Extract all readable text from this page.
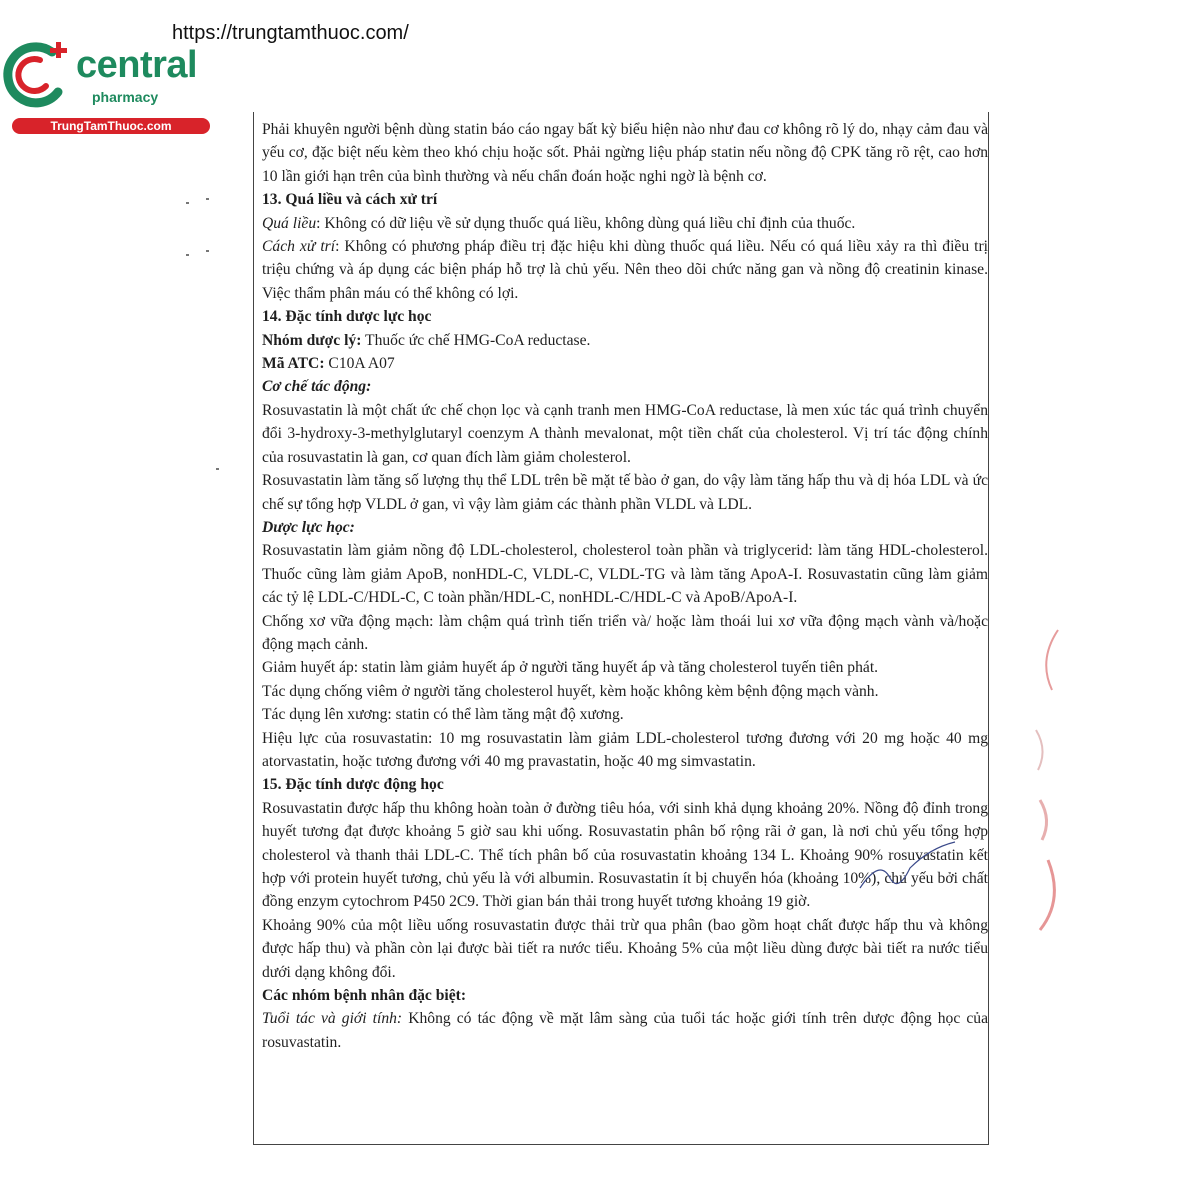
https://trungtamthuoc.com/
central
pharmacy
TrungTamThuoc.com	Phải khuyên người bệnh dùng statin báo cáo ngay bất kỳ biểu hiện nào như đau cơ không rõ lý do, nhạy cảm đau và yếu cơ, đặc biệt nếu kèm theo khó chịu hoặc sốt. Phải ngừng liệu pháp statin nếu nồng độ CPK tăng rõ rệt, cao hơn 10 lần giới hạn trên của bình thường và nếu chẩn đoán hoặc nghi ngờ là bệnh cơ.

13. Quá liều và cách xử trí

Quá liều: Không có dữ liệu về sử dụng thuốc quá liều, không dùng quá liều chỉ định của thuốc.

Cách xử trí: Không có phương pháp điều trị đặc hiệu khi dùng thuốc quá liều. Nếu có quá liều xảy ra thì điều trị triệu chứng và áp dụng các biện pháp hỗ trợ là chủ yếu. Nên theo dõi chức năng gan và nồng độ creatinin kinase. Việc thẩm phân máu có thể không có lợi.

14. Đặc tính dược lực học

Nhóm dược lý: Thuốc ức chế HMG-CoA reductase.

Mã ATC: C10A A07

Cơ chế tác động:

Rosuvastatin là một chất ức chế chọn lọc và cạnh tranh men HMG-CoA reductase, là men xúc tác quá trình chuyển đổi 3-hydroxy-3-methylglutaryl coenzym A thành mevalonat, một tiền chất của cholesterol. Vị trí tác động chính của rosuvastatin là gan, cơ quan đích làm giảm cholesterol.

Rosuvastatin làm tăng số lượng thụ thể LDL trên bề mặt tế bào ở gan, do vậy làm tăng hấp thu và dị hóa LDL và ức chế sự tổng hợp VLDL ở gan, vì vậy làm giảm các thành phần VLDL và LDL.

Dược lực học:

Rosuvastatin làm giảm nồng độ LDL-cholesterol, cholesterol toàn phần và triglycerid: làm tăng HDL-cholesterol. Thuốc cũng làm giảm ApoB, nonHDL-C, VLDL-C, VLDL-TG và làm tăng ApoA-I. Rosuvastatin cũng làm giảm các tỷ lệ LDL-C/HDL-C, C toàn phần/HDL-C, nonHDL-C/HDL-C và ApoB/ApoA-I.

Chống xơ vữa động mạch: làm chậm quá trình tiến triển và/ hoặc làm thoái lui xơ vữa động mạch vành và/hoặc động mạch cảnh.

Giảm huyết áp: statin làm giảm huyết áp ở người tăng huyết áp và tăng cholesterol tuyến tiên phát.

Tác dụng chống viêm ở người tăng cholesterol huyết, kèm hoặc không kèm bệnh động mạch vành.

Tác dụng lên xương: statin có thể làm tăng mật độ xương.

Hiệu lực của rosuvastatin: 10 mg rosuvastatin làm giảm LDL-cholesterol tương đương với 20 mg hoặc 40 mg atorvastatin, hoặc tương đương với 40 mg pravastatin, hoặc 40 mg simvastatin.

15. Đặc tính dược động học

Rosuvastatin được hấp thu không hoàn toàn ở đường tiêu hóa, với sinh khả dụng khoảng 20%. Nồng độ đỉnh trong huyết tương đạt được khoảng 5 giờ sau khi uống. Rosuvastatin phân bố rộng rãi ở gan, là nơi chủ yếu tổng hợp cholesterol và thanh thải LDL-C. Thể tích phân bố của rosuvastatin khoảng 134 L. Khoảng 90% rosuvastatin kết hợp với protein huyết tương, chủ yếu là với albumin. Rosuvastatin ít bị chuyển hóa (khoảng 10%), chủ yếu bởi chất đồng enzym cytochrom P450 2C9. Thời gian bán thải trong huyết tương khoảng 19 giờ.

Khoảng 90% của một liều uống rosuvastatin được thải trừ qua phân (bao gồm hoạt chất được hấp thu và không được hấp thu) và phần còn lại được bài tiết ra nước tiểu. Khoảng 5% của một liều dùng được bài tiết ra nước tiểu dưới dạng không đổi.

Các nhóm bệnh nhân đặc biệt:

Tuổi tác và giới tính: Không có tác động về mặt lâm sàng của tuổi tác hoặc giới tính trên dược động học của rosuvastatin.
